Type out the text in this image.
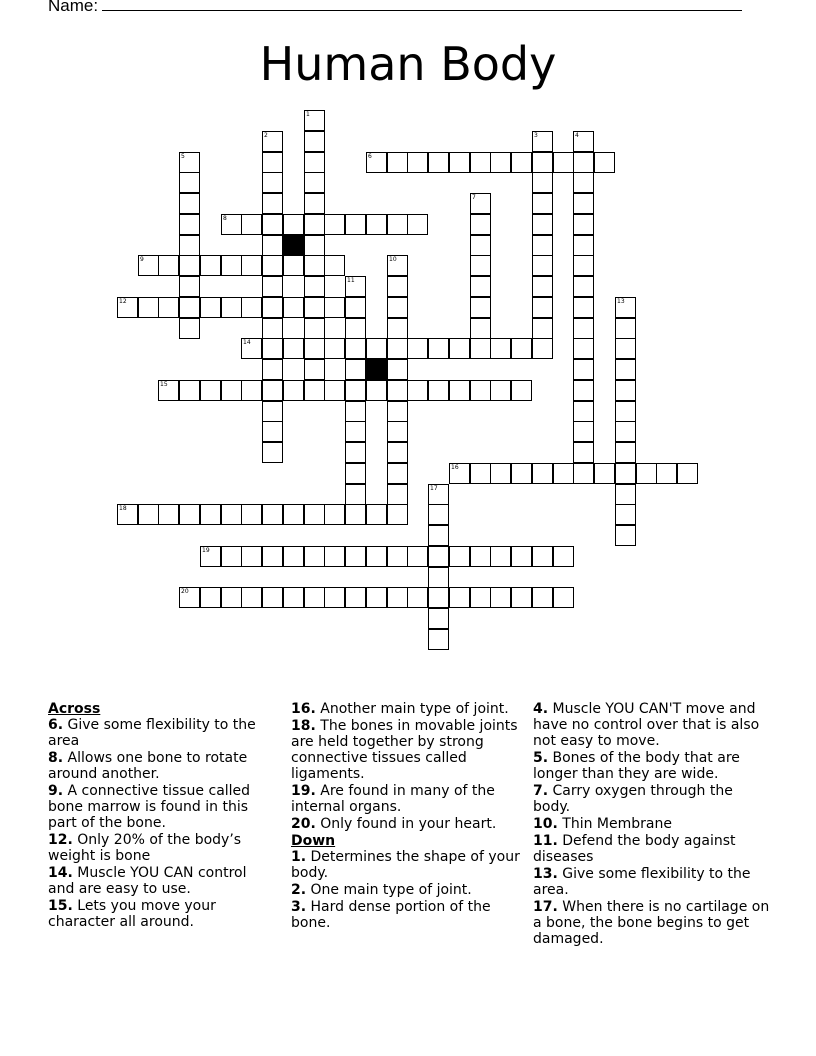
Name:
Human Body
1
2	3	4
5	6
7
8
9	10
11
12	13
14
15
16
17
18
19
20
Across
6. Give some flexibility to the area
8. Allows one bone to rotate around another.
9. A connective tissue called bone marrow is found in this part of the bone.
12. Only 20% of the body’s weight is bone
14. Muscle YOU CAN control and are easy to use.
15. Lets you move your character all around.
16. Another main type of joint.
18. The bones in movable joints are held together by strong connective tissues called ligaments.
19. Are found in many of the internal organs.
20. Only found in your heart.
Down
1. Determines the shape of your body.
2. One main type of joint.
3. Hard dense portion of the bone.
4. Muscle YOU CAN'T move and have no control over that is also not easy to move.
5. Bones of the body that are longer than they are wide.
7. Carry oxygen through the body.
10. Thin Membrane
11. Defend the body against diseases
13. Give some flexibility to the area.
17. When there is no cartilage on a bone, the bone begins to get damaged.
